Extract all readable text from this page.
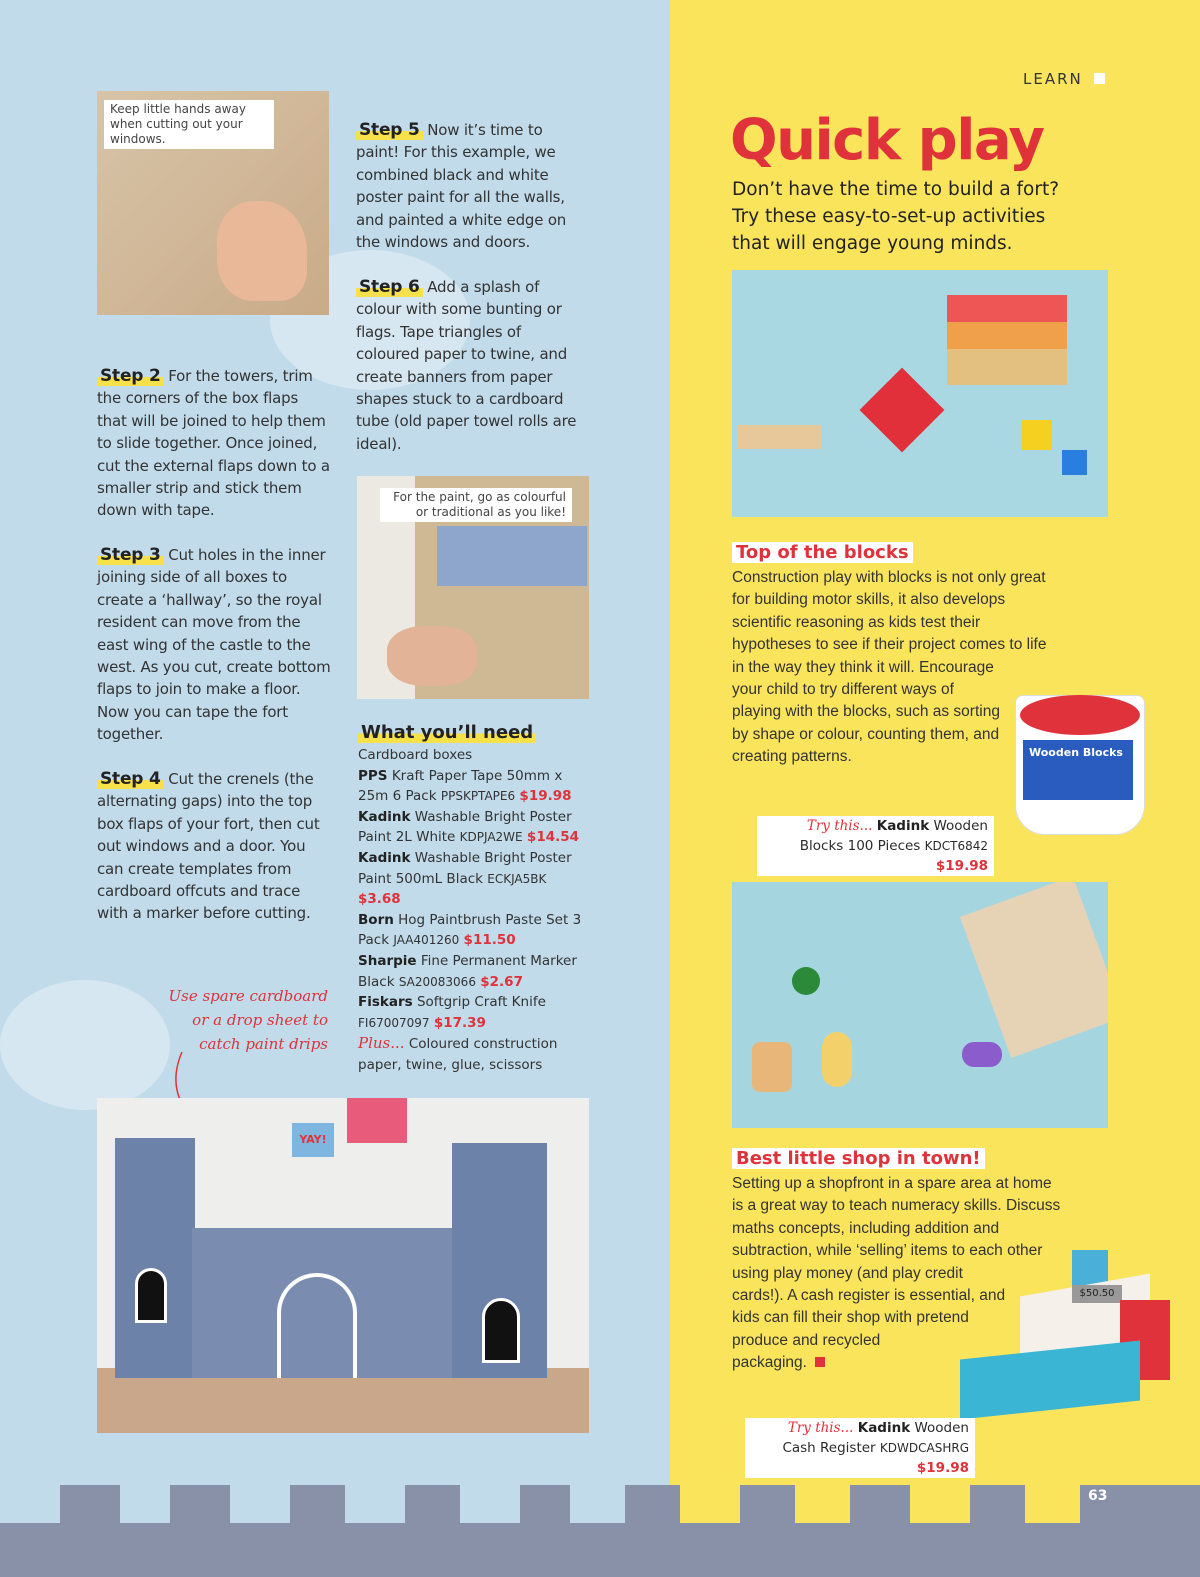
Keep little hands away when cutting out your windows.
Step 2 For the towers, trim the corners of the box flaps that will be joined to help them to slide together. Once joined, cut the external flaps down to a smaller strip and stick them down with tape.
Step 3 Cut holes in the inner joining side of all boxes to create a ‘hallway’, so the royal resident can move from the east wing of the castle to the west. As you cut, create bottom flaps to join to make a floor. Now you can tape the fort together.
Step 4 Cut the crenels (the alternating gaps) into the top box flaps of your fort, then cut out windows and a door. You can create templates from cardboard offcuts and trace with a marker before cutting.
Step 5 Now it’s time to paint! For this example, we combined black and white poster paint for all the walls, and painted a white edge on the windows and doors.
Step 6 Add a splash of colour with some bunting or flags. Tape triangles of coloured paper to twine, and create banners from paper shapes stuck to a cardboard tube (old paper towel rolls are ideal).
For the paint, go as colourful or traditional as you like!
What you’ll need
Cardboard boxes
PPS Kraft Paper Tape 50mm x 25m 6 Pack PPSKPTAPE6 $19.98
Kadink Washable Bright Poster Paint 2L White KDPJA2WE $14.54
Kadink Washable Bright Poster Paint 500mL Black ECKJA5BK $3.68
Born Hog Paintbrush Paste Set 3 Pack JAA401260 $11.50
Sharpie Fine Permanent Marker Black SA20083066 $2.67
Fiskars Softgrip Craft Knife FI67007097 $17.39
Plus... Coloured construction paper, twine, glue, scissors
Use spare cardboard or a drop sheet to catch paint drips
YAY!
LEARN
Quick play
Don’t have the time to build a fort? Try these easy-to-set-up activities that will engage young minds.
Top of the blocks
Construction play with blocks is not only great for building motor skills, it also develops scientific reasoning as kids test their hypotheses to see if their project comes to life in the way they think it will. Encourage your child to try different ways of playing with the blocks, such as sorting by shape or colour, counting them, and creating patterns.	Wooden Blocks
Try this... Kadink Wooden Blocks 100 Pieces KDCT6842 $19.98
Best little shop in town!
Setting up a shopfront in a spare area at home is a great way to teach numeracy skills. Discuss maths concepts, including addition and subtraction, while ‘selling’ items to each other using play money (and play credit cards!). A cash register is essential, and kids can fill their shop with pretend produce and recycled packaging.
$50.50
Try this... Kadink Wooden Cash Register KDWDCASHRG $19.98
63
